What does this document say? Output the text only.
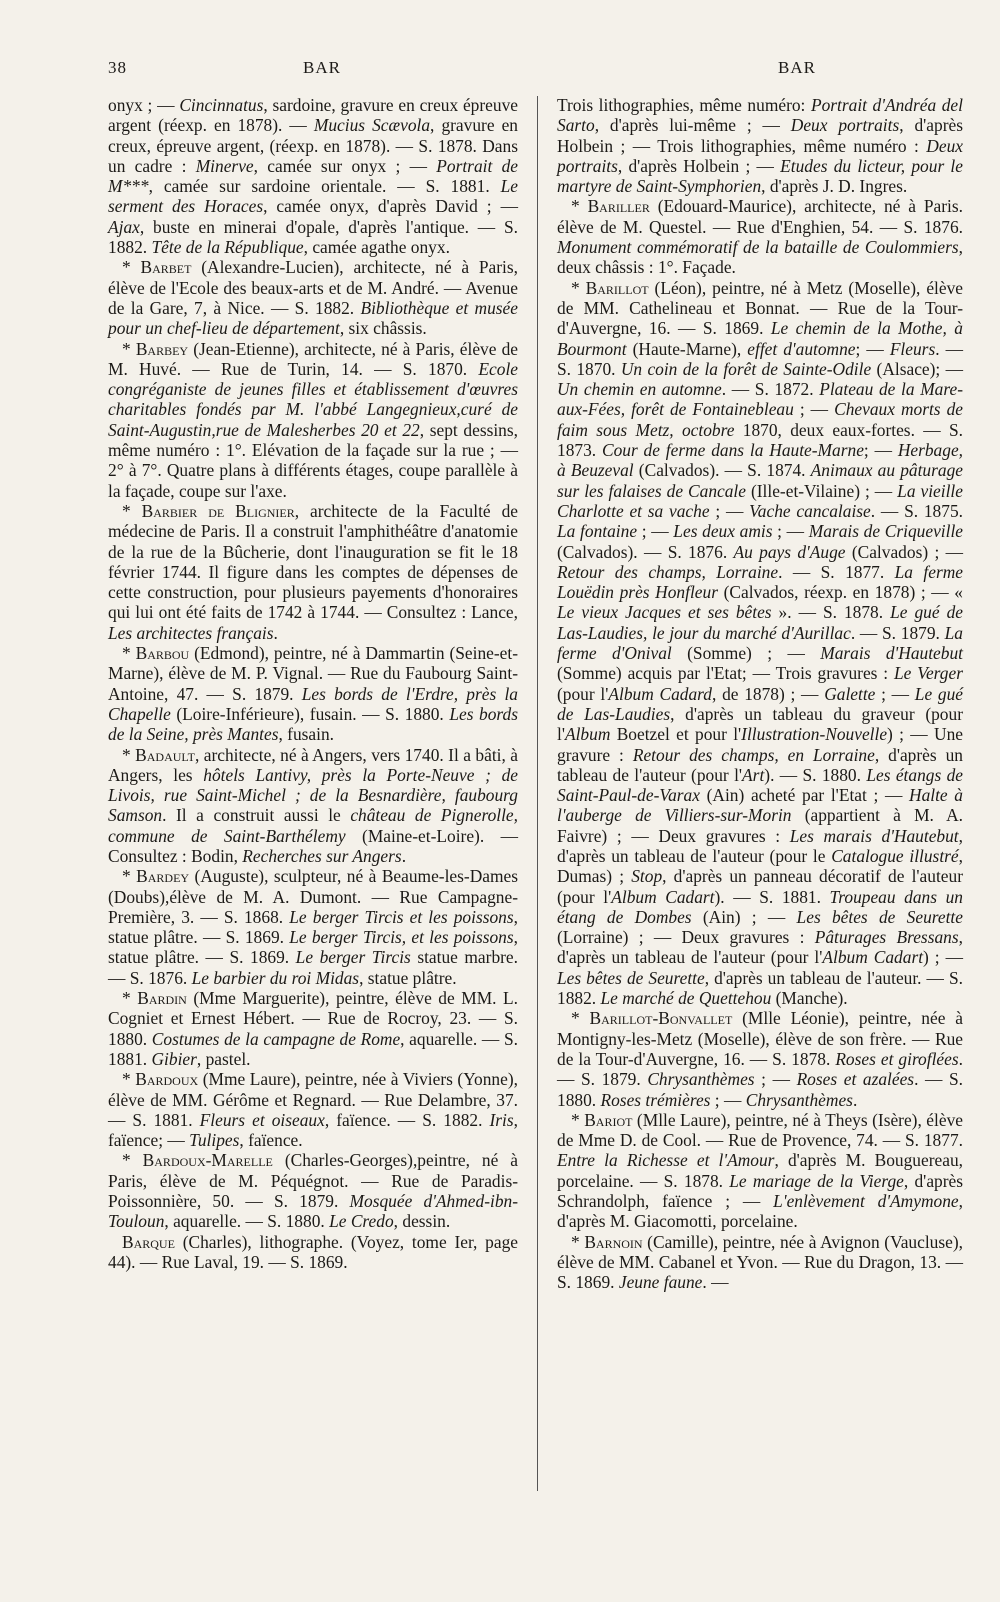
38	BAR	BAR

onyx ; — Cincinnatus, sardoine, gravure en creux épreuve argent (réexp. en 1878). — Mucius Scævola, gravure en creux, épreuve argent, (réexp. en 1878). — S. 1878. Dans un cadre : Minerve, camée sur onyx ; — Portrait de M***, camée sur sardoine orientale. — S. 1881. Le serment des Horaces, camée onyx, d'après David ; — Ajax, buste en minerai d'opale, d'après l'antique. — S. 1882. Tête de la République, camée agathe onyx.

* Barbet (Alexandre-Lucien), architecte, né à Paris, élève de l'Ecole des beaux-arts et de M. André. — Avenue de la Gare, 7, à Nice. — S. 1882. Bibliothèque et musée pour un chef-lieu de département, six châssis.

* Barbey (Jean-Etienne), architecte, né à Paris, élève de M. Huvé. — Rue de Turin, 14. — S. 1870. Ecole congréganiste de jeunes filles et établissement d'œuvres charitables fondés par M. l'abbé Langegnieux,curé de Saint-Augustin,rue de Malesherbes 20 et 22, sept dessins, même numéro : 1°. Elévation de la façade sur la rue ; — 2° à 7°. Quatre plans à différents étages, coupe parallèle à la façade, coupe sur l'axe.

* Barbier de Blignier, architecte de la Faculté de médecine de Paris. Il a construit l'amphithéâtre d'anatomie de la rue de la Bûcherie, dont l'inauguration se fit le 18 février 1744. Il figure dans les comptes de dépenses de cette construction, pour plusieurs payements d'honoraires qui lui ont été faits de 1742 à 1744. — Consultez : Lance, Les architectes français.

* Barbou (Edmond), peintre, né à Dammartin (Seine-et-Marne), élève de M. P. Vignal. — Rue du Faubourg Saint-Antoine, 47. — S. 1879. Les bords de l'Erdre, près la Chapelle (Loire-Inférieure), fusain. — S. 1880. Les bords de la Seine, près Mantes, fusain.

* Badault, architecte, né à Angers, vers 1740. Il a bâti, à Angers, les hôtels Lantivy, près la Porte-Neuve ; de Livois, rue Saint-Michel ; de la Besnardière, faubourg Samson. Il a construit aussi le château de Pignerolle, commune de Saint-Barthélemy (Maine-et-Loire). — Consultez : Bodin, Recherches sur Angers.

* Bardey (Auguste), sculpteur, né à Beaume-les-Dames (Doubs),élève de M. A. Dumont. — Rue Campagne-Première, 3. — S. 1868. Le berger Tircis et les poissons, statue plâtre. — S. 1869. Le berger Tircis, et les poissons, statue plâtre. — S. 1869. Le berger Tircis statue marbre. — S. 1876. Le barbier du roi Midas, statue plâtre.

* Bardin (Mme Marguerite), peintre, élève de MM. L. Cogniet et Ernest Hébert. — Rue de Rocroy, 23. — S. 1880. Costumes de la campagne de Rome, aquarelle. — S. 1881. Gibier, pastel.

* Bardoux (Mme Laure), peintre, née à Viviers (Yonne), élève de MM. Gérôme et Regnard. — Rue Delambre, 37. — S. 1881. Fleurs et oiseaux, faïence. — S. 1882. Iris, faïence; — Tulipes, faïence.

* Bardoux-Marelle (Charles-Georges),peintre, né à Paris, élève de M. Péquégnot. — Rue de Paradis-Poissonnière, 50. — S. 1879. Mosquée d'Ahmed-ibn-Touloun, aquarelle. — S. 1880. Le Credo, dessin.

Barque (Charles), lithographe. (Voyez, tome Ier, page 44). — Rue Laval, 19. — S. 1869.

Trois lithographies, même numéro: Portrait d'Andréa del Sarto, d'après lui-même ; — Deux portraits, d'après Holbein ; — Trois lithographies, même numéro : Deux portraits, d'après Holbein ; — Etudes du licteur, pour le martyre de Saint-Symphorien, d'après J. D. Ingres.

* Bariller (Edouard-Maurice), architecte, né à Paris. élève de M. Questel. — Rue d'Enghien, 54. — S. 1876. Monument commémoratif de la bataille de Coulommiers, deux châssis : 1°. Façade.

* Barillot (Léon), peintre, né à Metz (Moselle), élève de MM. Cathelineau et Bonnat. — Rue de la Tour-d'Auvergne, 16. — S. 1869. Le chemin de la Mothe, à Bourmont (Haute-Marne), effet d'automne; — Fleurs. — S. 1870. Un coin de la forêt de Sainte-Odile (Alsace); — Un chemin en automne. — S. 1872. Plateau de la Mare-aux-Fées, forêt de Fontainebleau ; — Chevaux morts de faim sous Metz, octobre 1870, deux eaux-fortes. — S. 1873. Cour de ferme dans la Haute-Marne; — Herbage, à Beuzeval (Calvados). — S. 1874. Animaux au pâturage sur les falaises de Cancale (Ille-et-Vilaine) ; — La vieille Charlotte et sa vache ; — Vache cancalaise. — S. 1875. La fontaine ; — Les deux amis ; — Marais de Criqueville (Calvados). — S. 1876. Au pays d'Auge (Calvados) ; — Retour des champs, Lorraine. — S. 1877. La ferme Louëdin près Honfleur (Calvados, réexp. en 1878) ; — « Le vieux Jacques et ses bêtes ». — S. 1878. Le gué de Las-Laudies, le jour du marché d'Aurillac. — S. 1879. La ferme d'Onival (Somme) ; — Marais d'Hautebut (Somme) acquis par l'Etat; — Trois gravures : Le Verger (pour l'Album Cadard, de 1878) ; — Galette ; — Le gué de Las-Laudies, d'après un tableau du graveur (pour l'Album Boetzel et pour l'Illustration-Nouvelle) ; — Une gravure : Retour des champs, en Lorraine, d'après un tableau de l'auteur (pour l'Art). — S. 1880. Les étangs de Saint-Paul-de-Varax (Ain) acheté par l'Etat ; — Halte à l'auberge de Villiers-sur-Morin (appartient à M. A. Faivre) ; — Deux gravures : Les marais d'Hautebut, d'après un tableau de l'auteur (pour le Catalogue illustré, Dumas) ; Stop, d'après un panneau décoratif de l'auteur (pour l'Album Cadart). — S. 1881. Troupeau dans un étang de Dombes (Ain) ; — Les bêtes de Seurette (Lorraine) ; — Deux gravures : Pâturages Bressans, d'après un tableau de l'auteur (pour l'Album Cadart) ; — Les bêtes de Seurette, d'après un tableau de l'auteur. — S. 1882. Le marché de Quettehou (Manche).

* Barillot-Bonvallet (Mlle Léonie), peintre, née à Montigny-les-Metz (Moselle), élève de son frère. — Rue de la Tour-d'Auvergne, 16. — S. 1878. Roses et giroflées. — S. 1879. Chrysanthèmes ; — Roses et azalées. — S. 1880. Roses trémières ; — Chrysanthèmes.

* Bariot (Mlle Laure), peintre, né à Theys (Isère), élève de Mme D. de Cool. — Rue de Provence, 74. — S. 1877. Entre la Richesse et l'Amour, d'après M. Bouguereau, porcelaine. — S. 1878. Le mariage de la Vierge, d'après Schrandolph, faïence ; — L'enlèvement d'Amymone, d'après M. Giacomotti, porcelaine.

* Barnoin (Camille), peintre, née à Avignon (Vaucluse), élève de MM. Cabanel et Yvon. — Rue du Dragon, 13. — S. 1869. Jeune faune. —
